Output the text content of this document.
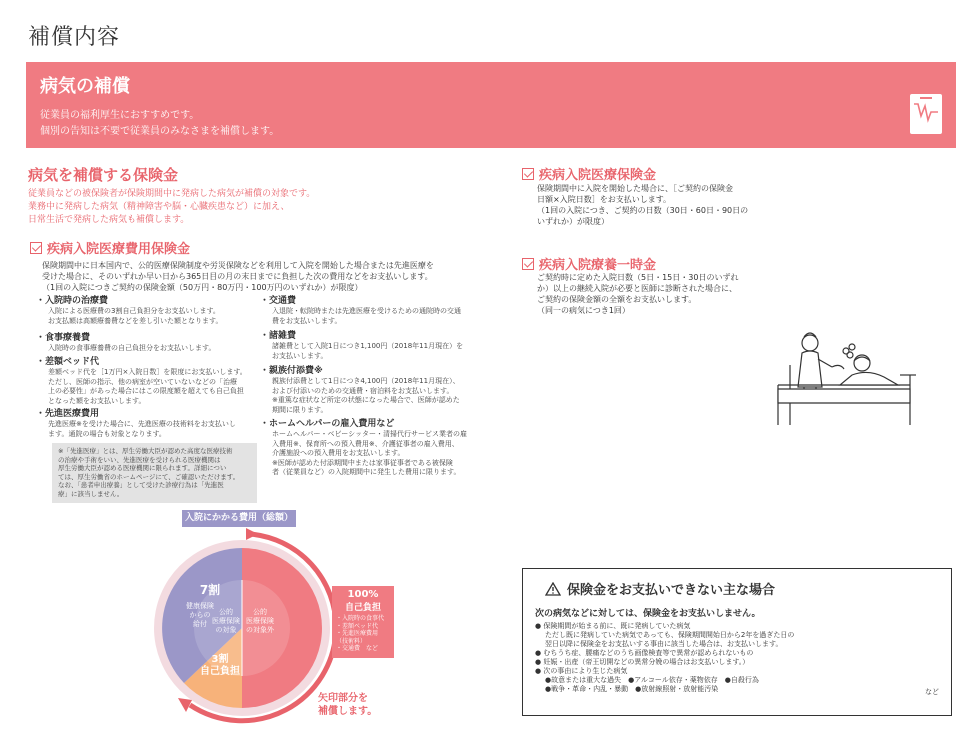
補償内容
病気の補償
従業員の福利厚生におすすめです。
個別の告知は不要で従業員のみなさまを補償します。
病気を補償する保険金
従業員などの被保険者が保険期間中に発病した病気が補償の対象です。
業務中に発病した病気（精神障害や脳・心臓疾患など）に加え、
日常生活で発病した病気も補償します。
疾病入院医療費用保険金
保険期間中に日本国内で、公的医療保険制度や労災保険などを利用して入院を開始した場合または先進医療を
受けた場合に、そのいずれか早い日から365日目の月の末日までに負担した次の費用などをお支払いします。
（1回の入院につきご契約の保険金額（50万円・80万円・100万円のいずれか）が限度）
・ 入院時の治療費
入院による医療費の3割自己負担分をお支払いします。
お支払額は高額療養費などを差し引いた額となります。
・ 食事療養費
入院時の食事療養費の自己負担分をお支払いします。
・ 差額ベッド代
差額ベッド代を［1万円×入院日数］を限度にお支払いします。
ただし、医師の指示、他の病室が空いていないなどの「治療
上の必要性」があった場合にはこの限度額を超えても自己負担
となった額をお支払いします。
・ 先進医療費用
先進医療※を受けた場合に、先進医療の技術料をお支払いし
ます。通院の場合も対象となります。
・ 交通費
入退院・転院時または先進医療を受けるための通院時の交通
費をお支払いします。
・ 諸雑費
諸雑費として入院1日につき1,100円（2018年11月現在）を
お支払いします。
・ 親族付添費※
親族付添費として1日につき4,100円（2018年11月現在）、
および付添いのための交通費・宿泊料をお支払いします。
※重篤な症状など所定の状態になった場合で、医師が認めた
期間に限ります。
・ ホームヘルパーの雇入費用など
ホームヘルパー・ベビーシッター・清掃代行サービス業者の雇
入費用※、保育所への預入費用※、介護従事者の雇入費用、
介護施設への預入費用をお支払いします。
※医師が認めた付添期間中または家事従事者である被保険
者（従業員など）の入院期間中に発生した費用に限ります。
※「先進医療」とは、厚生労働大臣が認めた高度な医療技術
の治療や手術をいい、先進医療を受けられる医療機関は
厚生労働大臣が認める医療機関に限られます。詳細につい
ては、厚生労働省のホームページにて、ご確認いただけます。
なお、「患者申出療養」として受けた診療行為は「先進医
療」に該当しません。
入院にかかる費用（総額）
7割
健康保険
からの
給付
公的
医療保険
の対象
公的
医療保険
の対象外
3割
自己負担
100%
自己負担
・入院時の食事代
・差額ベッド代
・先進医療費用
（技術料）
・交通費　など
矢印部分を
補償します。
疾病入院医療保険金
保険期間中に入院を開始した場合に、［ご契約の保険金
日額×入院日数］をお支払いします。
（1回の入院につき、ご契約の日数（30日・60日・90日の
いずれか）が限度）
疾病入院療養一時金
ご契約時に定めた入院日数（5日・15日・30日のいずれ
か）以上の継続入院が必要と医師に診断された場合に、
ご契約の保険金額の全額をお支払いします。
（同一の病気につき1回）
保険金をお支払いできない主な場合
次の病気などに対しては、保険金をお支払いしません。
● 保険期間が始まる前に、既に発病していた病気
ただし既に発病していた病気であっても、保険期間開始日から2年を過ぎた日の
翌日以降に保険金をお支払いする事由に該当した場合は、お支払いします。
● むちうち症、腰痛などのうち画像検査等で異常が認められないもの
● 妊娠・出産（帝王切開などの異常分娩の場合はお支払いします。）
● 次の事由により生じた病気
●故意または重大な過失　●アルコール依存・薬物依存　●自殺行為
●戦争・革命・内乱・暴動　●放射線照射・放射能汚染	など
